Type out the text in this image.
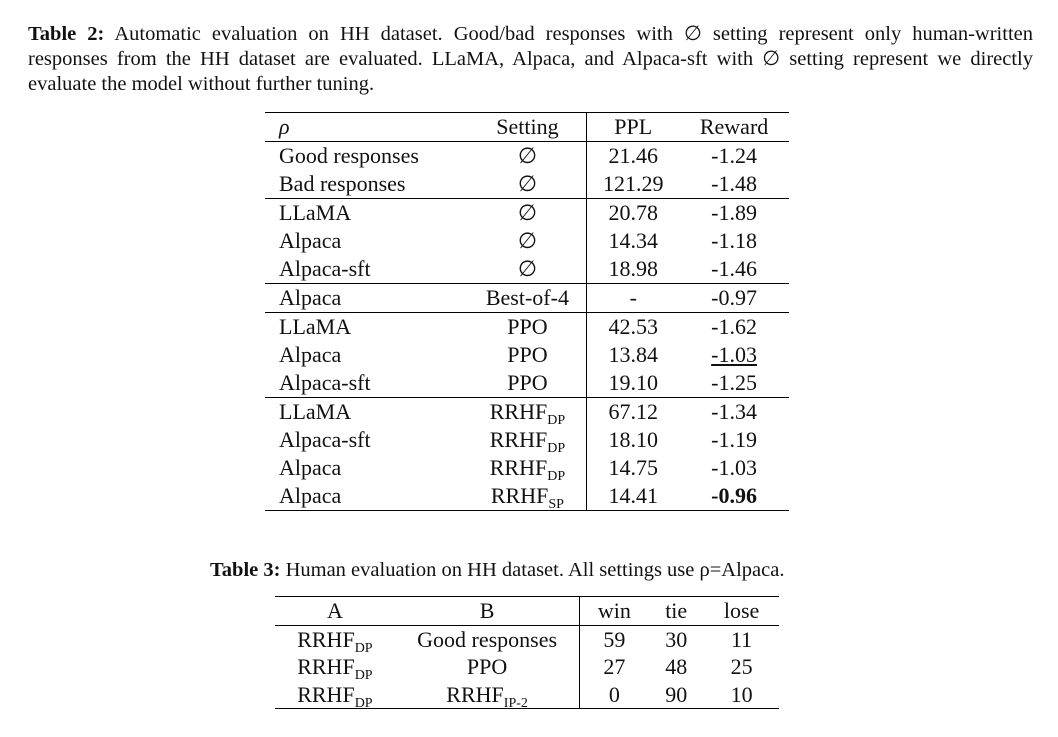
Table 2: Automatic evaluation on HH dataset. Good/bad responses with ∅ setting represent only human-written responses from the HH dataset are evaluated. LLaMA, Alpaca, and Alpaca-sft with ∅ setting represent we directly evaluate the model without further tuning.
ρ	Setting	PPL	Reward
Good responses	∅	21.46	-1.24
Bad responses	∅	121.29	-1.48
LLaMA	∅	20.78	-1.89
Alpaca	∅	14.34	-1.18
Alpaca-sft	∅	18.98	-1.46
Alpaca	Best-of-4	-	-0.97
LLaMA	PPO	42.53	-1.62
Alpaca	PPO	13.84	-1.03
Alpaca-sft	PPO	19.10	-1.25
LLaMA	$RRHF_{DP}$	67.12	-1.34
Alpaca-sft	$RRHF_{DP}$	18.10	-1.19
Alpaca	$RRHF_{DP}$	14.75	-1.03
Alpaca	$RRHF_{SP}$	14.41	-0.96
Table 3: Human evaluation on HH dataset. All settings use ρ=Alpaca.
A	B	win	tie	lose
$RRHF_{DP}$	Good responses	59	30	11
$RRHF_{DP}$	PPO	27	48	25
$RRHF_{DP}$	$RRHF_{IP-2}$	0	90	10
